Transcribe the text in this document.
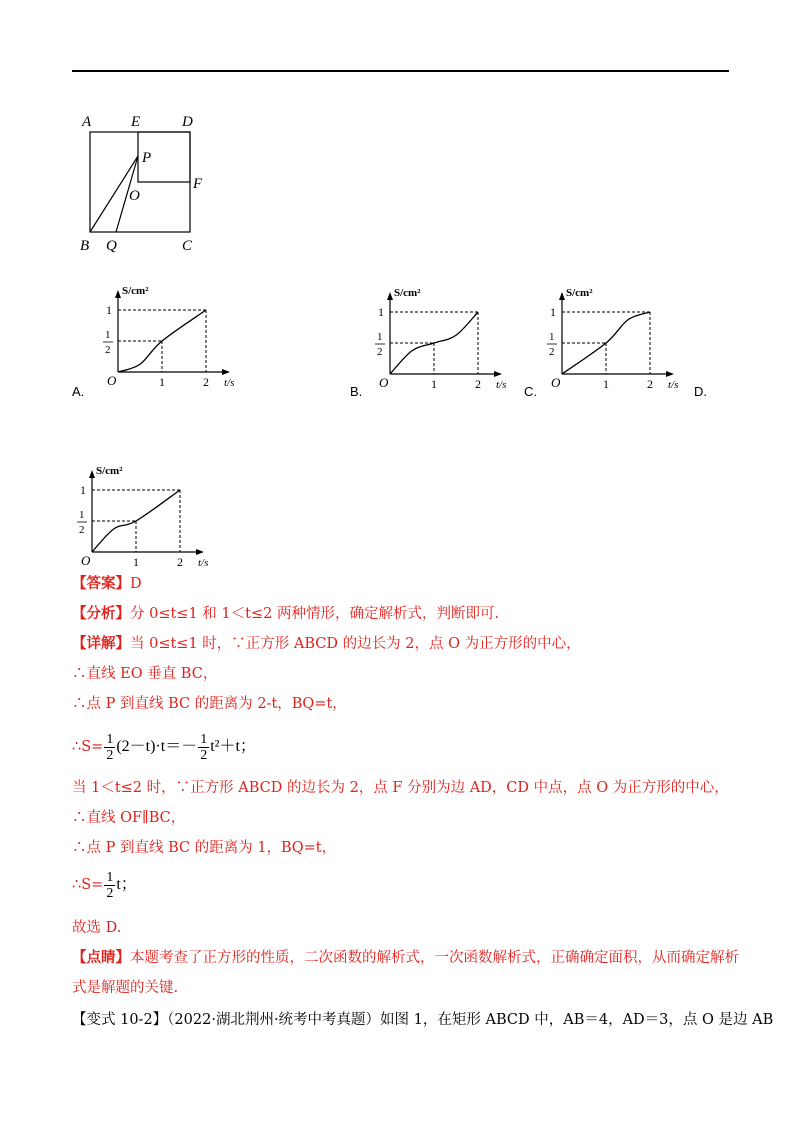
A	E	D
P
O
F
B Q	C
S/cm²
t/s
O	1	2
1
1
2
S/cm²
t/s
O	1	2
1
1
2
S/cm²
t/s
O	1	2
1
1
2
S/cm²
t/s
O	1	2
1
1
2
A.	B.	C.	D.
【答案】D
【分析】分 0≤t≤1 和 1＜t≤2 两种情形，确定解析式，判断即可.
【详解】当 0≤t≤1 时，∵正方形 ABCD 的边长为 2，点 O 为正方形的中心，
∴直线 EO 垂直 BC，
∴点 P 到直线 BC 的距离为 2-t，BQ=t，
∴S= $\frac{1}{2} (2-t)\cdot t=- \frac{1}{2} t^2+t$；
当 1＜t≤2 时，∵正方形 ABCD 的边长为 2，点 F 分别为边 AD，CD 中点，点 O 为正方形的中心，
∴直线 OF∥BC，
∴点 P 到直线 BC 的距离为 1，BQ=t，
∴S= $\frac{1}{2}$ t；
故选 D.
【点睛】本题考查了正方形的性质，二次函数的解析式，一次函数解析式，正确确定面积，从而确定解析
式是解题的关键.
【变式 10-2】（2022·湖北荆州·统考中考真题）如图 1，在矩形 ABCD 中，AB＝4，AD＝3，点 O 是边 AB
